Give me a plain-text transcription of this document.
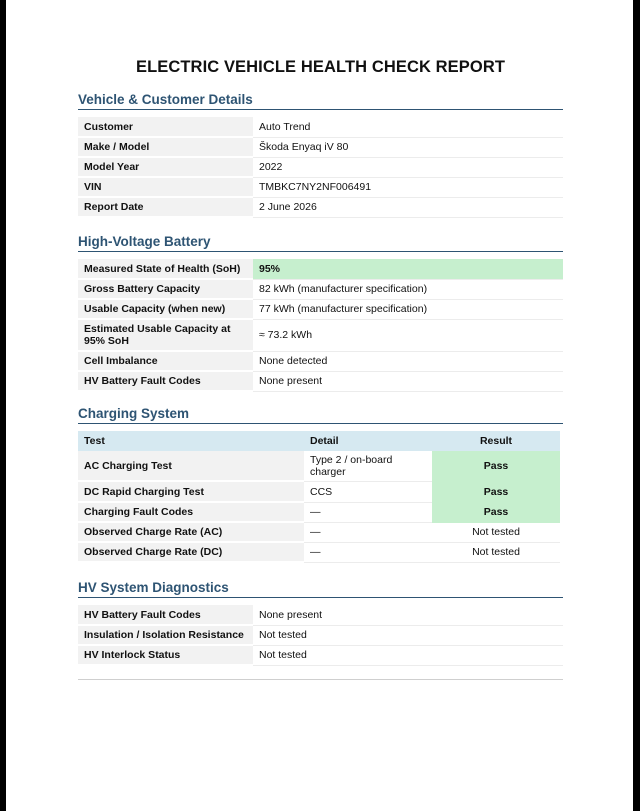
ELECTRIC VEHICLE HEALTH CHECK REPORT
Vehicle & Customer Details
Customer	Auto Trend
Make / Model	Škoda Enyaq iV 80
Model Year	2022
VIN	TMBKC7NY2NF006491
Report Date	2 June 2026
High-Voltage Battery
Measured State of Health (SoH)	95%
Gross Battery Capacity	82 kWh (manufacturer specification)
Usable Capacity (when new)	77 kWh (manufacturer specification)
Estimated Usable Capacity at 95% SoH	≈ 73.2 kWh
Cell Imbalance	None detected
HV Battery Fault Codes	None present
Charging System
Test	Detail	Result
AC Charging Test	Type 2 / on-board charger	Pass
DC Rapid Charging Test	CCS	Pass
Charging Fault Codes	—	Pass
Observed Charge Rate (AC)	—	Not tested
Observed Charge Rate (DC)	—	Not tested
HV System Diagnostics
HV Battery Fault Codes	None present
Insulation / Isolation Resistance	Not tested
HV Interlock Status	Not tested
